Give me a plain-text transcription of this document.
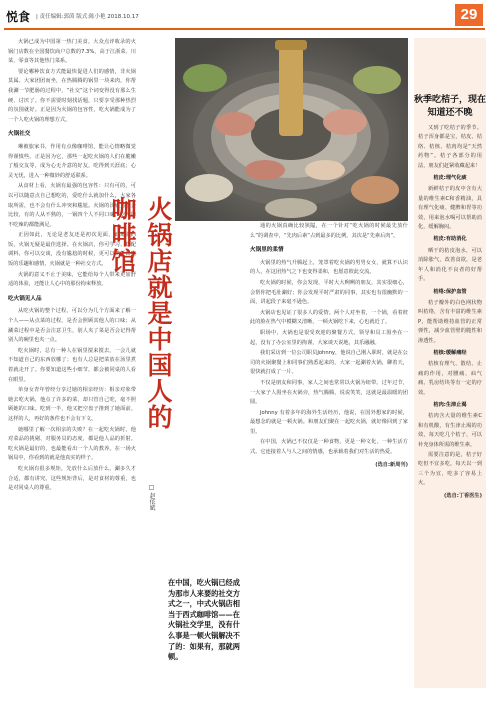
悦食 | 责任编辑:郭茵 版式:陈小艳 2018.10.17	29

火锅已成为中国第一热门美食。大众点评收录的火锅门店数在全国餐饮商户总数的7.3%，高于江浙菜、川菜，零食等其他热门菜系。

要论哪种饮食方式能最快促进人们的感情，非火锅莫属。大家团团而坐，在热腾腾的锅里一块来肉，你帮我涮一节肥肠的过程中，“社交”这个词变得没有那么生硬、讨厌了。你不需要时刻找话题，只要享受那种热烈的氛围就好。正是因为火锅的包容性，吃火锅能成为了一个人吃火锅的理想方式。

火锅社交

琳被旅家书，作用有点像咖啡馆，能让心情略微觉得谨慎些。正是因为它，那些一起吃火锅的人们在脆嫩了般交友等，成为心无介意的好友，吃得到天涯底；心灵无忧，进入一种微妙的舒适联系。

从食材上看，火锅有最强的包容性：只有可的，可以可以随意点自己想吃的，爱吃什么就加什么，大家各取所需，也不会有什么冲突和尴尬。火锅的汤底虽然会比较，有的人从不熟的，一锅四个人不同口味，吃辣的不吃辣的都能满足。

正因如此，无论是老友还是初次见面，如果要约饭，火锅无疑是最佳选择。在火锅店，你可学习、搭配调料，你可以交谈，没有尴尬的时候，更可以烘托出吃饭的乐趣和感情，火锅就是一种社交方式。

火锅的意义不止于美味，它能给每个人带来更加舒适的体验，还能让人心中的那份拘束释放。

吃火锅见人品

从吃火锅的整个过程，可以分为几个方面来了解一个人——从点菜的过程，是否会照顾其他人的口味；从涮菜过程中是否会注意卫生，别人夹了菜是否会记得帮别人的碗里也夹一点。

吃火锅时，总有一种人在锅里搅来搅去，一会儿就不知道自己的东西放哪了；也有人总是把菜放在汤里煮着就走开了。你要知道这些小细节，都会被同桌的人看在眼里。

单身女青年曾经分享过她的相亲经历：相亲对象带她去吃火锅，他点了许多的菜，却只管自己吃，毫不照顾她的口味。吃到一半，他又把空盘子推到了她面前。这样的人，再好的条件也不会有下文。

她哪里了解一次相亲的失败？在一起吃火锅时，他对菜品的挑剔、对服务员的态度，都是他人品的折射。吃火锅是最好的，也最能看出一个人的教养。在一场火锅局中，你看到的就是他真实的样子。

吃火锅有很多规矩，先放什么后放什么，涮多久才合适，都有讲究。这些规矩背后，是对食材的尊重，也是对同桌人的尊重。

火锅店就是中国人的咖啡馆
□ 赵依斌

通的火锅真确比较狭隘，在一个针对“吃火锅的时候最先放什么”的调查中，“先肉后素”占到最多的比例，其次是“先素后肉”。

火锅里的柔情

火锅里的热气升腾起上，笼罩着吃火锅的男男女女，就算不认识的人，在这团热气之下也变得柔和，也愿意彼此交流。

吃火锅的时候，你会发现，平时大大咧咧的朋友，其实很细心，会帮你把毛肚涮好；你会发现平时严肃的同事，其实也有很幽默的一面，讲起段子来毫不逊色。

火锅店也见证了很多人的爱情。两个人对坐着，一个锅，看着彼此的脸在热气中模糊又清晰，一顿火锅吃下来，心也就近了。

职场中，火锅也是很受欢迎的聚餐方式。领导和员工围坐在一起，没有了办公室里的拘谨，大家谈天说地，其乐融融。

我们采访到一位公司职员Johnny，他说自己刚入职时，就是在公司的火锅聚餐上和同事们熟悉起来的，大家一起涮着火锅，聊着天，很快就打成了一片。

不仅是朋友和同事，家人之间也常常以火锅为纽带。过年过节，一大家子人围坐在火锅旁，热气腾腾，说说笑笑，这就是最温暖的团圆。

Johnny 有着多年的海外生活经历，他说，在国外想家的时候，最想念的就是一顿火锅。和朋友们聚在一起吃火锅，就好像回到了家里。

在中国，火锅已不仅仅是一种食物，更是一种文化，一种生活方式。它连接着人与人之间的情感，也承载着我们对生活的热爱。

(选自:新周刊)

在中国，吃火锅已经成为那市人来要的社交方式之一，中式火锅店相当于西式咖啡馆——在火锅社交学里，没有什么事是一顿火锅解决不了的：如果有，那就两顿。

秋季吃桔子，现在知道还不晚

又到了吃桔子的季节。桔子浑身都是宝，桔皮、桔络、桔核、桔肉均是“天然药物”。桔子各部分的用法，朋友们赶紧收藏起来！

桔皮:理气化痰

新鲜桔子的皮中含有大量的维生素C和香精油，具有理气化痰、健脾和胃等功效，用来泡水喝可以帮助消化，缓解胸闷。

桔皮:有助消化

晒干的桔皮泡水，可以消除胀气，改善食欲，是老年人和消化不良者的好帮手。

桔络:保护血管

桔子瓣外的白色网状物叫桔络，含有丰富的维生素P，能帮助维持血管的正常弹性，减少血管壁的脆性和渗透性。

桔核:缓解痛经

桔核有理气、散结、止痛的作用，对腰痛、疝气痛、乳房结块等有一定的疗效。

桔肉:生津止渴

桔肉含大量的维生素C和有机酸，有生津止渴的功效，每天吃几个桔子，可以补充身体所需的维生素。

需要注意的是，桔子好吃但不宜多吃，每天以一到三个为宜，吃多了容易上火。

(选自:丁香医生)
